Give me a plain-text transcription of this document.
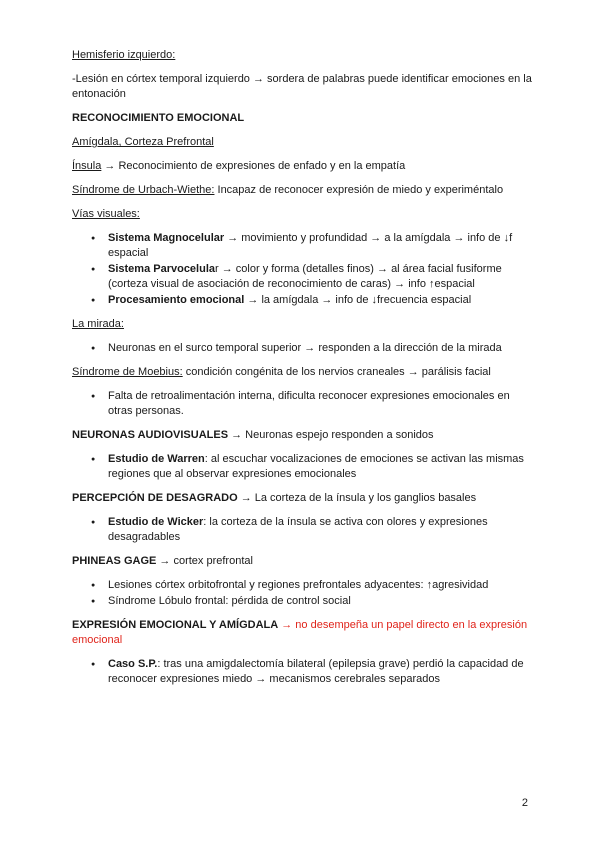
Hemisferio izquierdo:

-Lesión en córtex temporal izquierdo → sordera de palabras puede identificar emociones en la entonación

RECONOCIMIENTO EMOCIONAL

Amígdala, Corteza Prefrontal

Ínsula → Reconocimiento de expresiones de enfado y en la empatía

Síndrome de Urbach-Wiethe: Incapaz de reconocer expresión de miedo y experiméntalo

Vías visuales:

● Sistema Magnocelular → movimiento y profundidad → a la amígdala → info de ↓f espacial
● Sistema Parvocelular → color y forma (detalles finos) → al área facial fusiforme (corteza visual de asociación de reconocimiento de caras) → info ↑espacial
● Procesamiento emocional → la amígdala → info de ↓frecuencia espacial

La mirada:

● Neuronas en el surco temporal superior → responden a la dirección de la mirada

Síndrome de Moebius: condición congénita de los nervios craneales → parálisis facial

● Falta de retroalimentación interna, dificulta reconocer expresiones emocionales en otras personas.

NEURONAS AUDIOVISUALES → Neuronas espejo responden a sonidos

● Estudio de Warren: al escuchar vocalizaciones de emociones se activan las mismas regiones que al observar expresiones emocionales

PERCEPCIÓN DE DESAGRADO → La corteza de la ínsula y los ganglios basales

● Estudio de Wicker: la corteza de la ínsula se activa con olores y expresiones desagradables

PHINEAS GAGE → cortex prefrontal

● Lesiones córtex orbitofrontal y regiones prefrontales adyacentes: ↑agresividad
● Síndrome Lóbulo frontal: pérdida de control social

EXPRESIÓN EMOCIONAL Y AMÍGDALA → no desempeña un papel directo en la expresión emocional

● Caso S.P.: tras una amigdalectomía bilateral (epilepsia grave) perdió la capacidad de reconocer expresiones miedo → mecanismos cerebrales separados
2
